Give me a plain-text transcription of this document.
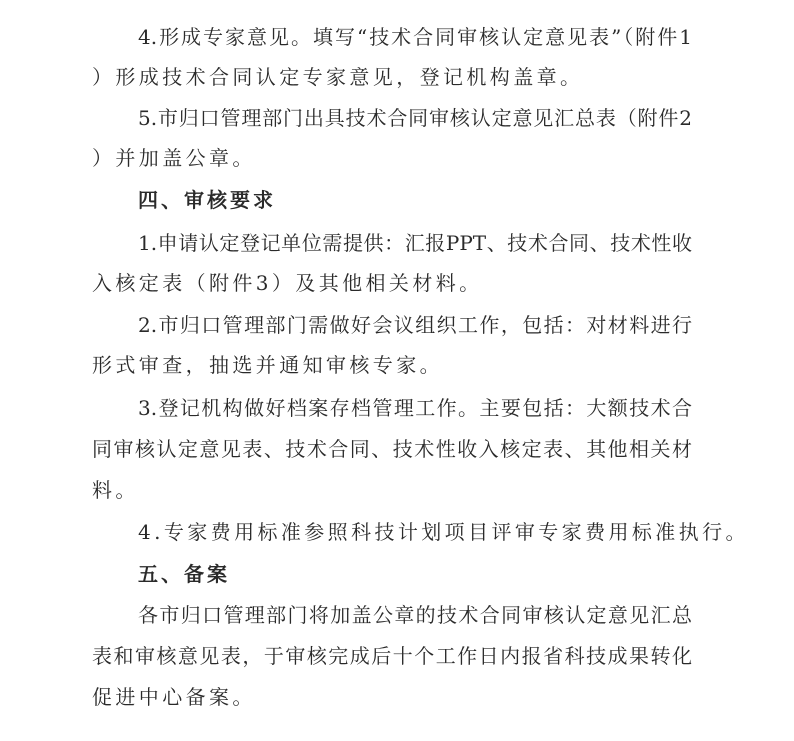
4.形成专家意见。填写“技术合同审核认定意见表”（附件1
）形成技术合同认定专家意见，登记机构盖章。
5.市归口管理部门出具技术合同审核认定意见汇总表（附件2
）并加盖公章。
四、审核要求
1.申请认定登记单位需提供：汇报PPT、技术合同、技术性收
入核定表（附件3）及其他相关材料。
2.市归口管理部门需做好会议组织工作，包括：对材料进行
形式审查，抽选并通知审核专家。
3.登记机构做好档案存档管理工作。主要包括：大额技术合
同审核认定意见表、技术合同、技术性收入核定表、其他相关材
料。
4.专家费用标准参照科技计划项目评审专家费用标准执行。
五、备案
各市归口管理部门将加盖公章的技术合同审核认定意见汇总
表和审核意见表，于审核完成后十个工作日内报省科技成果转化
促进中心备案。
